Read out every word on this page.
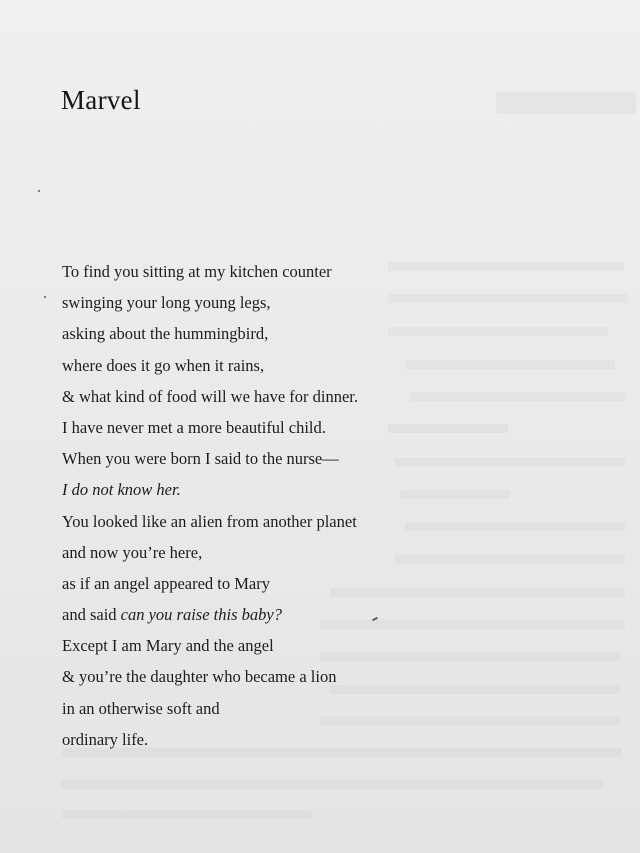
Marvel
To find you sitting at my kitchen counter
swinging your long young legs,
asking about the hummingbird,
where does it go when it rains,
& what kind of food will we have for dinner.
I have never met a more beautiful child.
When you were born I said to the nurse—
I do not know her.
You looked like an alien from another planet
and now you’re here,
as if an angel appeared to Mary
and said can you raise this baby?
Except I am Mary and the angel
& you’re the daughter who became a lion
in an otherwise soft and
ordinary life.
